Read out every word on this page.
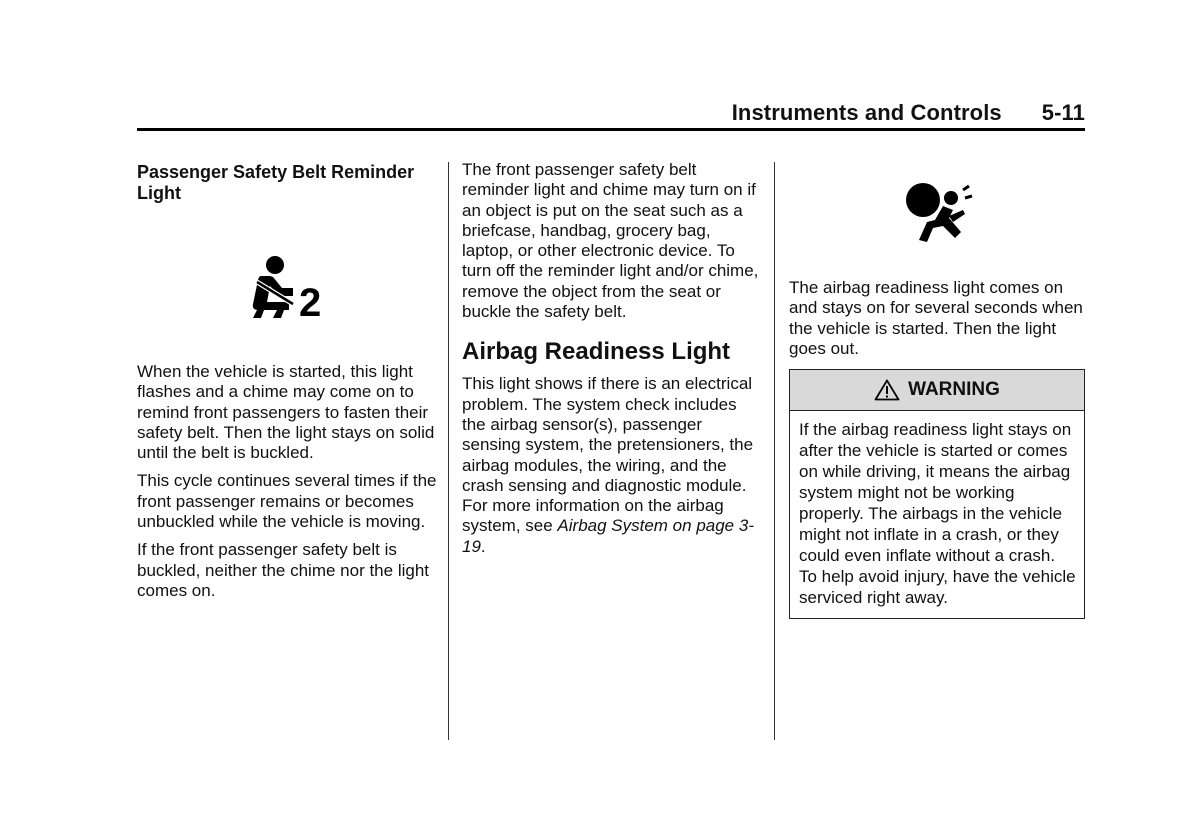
Instruments and Controls 5-11
Passenger Safety Belt Reminder Light
2

When the vehicle is started, this light flashes and a chime may come on to remind front passengers to fasten their safety belt. Then the light stays on solid until the belt is buckled.

This cycle continues several times if the front passenger remains or becomes unbuckled while the vehicle is moving.

If the front passenger safety belt is buckled, neither the chime nor the light comes on.

The front passenger safety belt reminder light and chime may turn on if an object is put on the seat such as a briefcase, handbag, grocery bag, laptop, or other electronic device. To turn off the reminder light and/or chime, remove the object from the seat or buckle the safety belt.

Airbag Readiness Light

This light shows if there is an electrical problem. The system check includes the airbag sensor(s), passenger sensing system, the pretensioners, the airbag modules, the wiring, and the crash sensing and diagnostic module. For more information on the airbag system, see Airbag System on page 3-19.

The airbag readiness light comes on and stays on for several seconds when the vehicle is started. Then the light goes out.

WARNING
If the airbag readiness light stays on after the vehicle is started or comes on while driving, it means the airbag system might not be working properly. The airbags in the vehicle might not inflate in a crash, or they could even inflate without a crash. To help avoid injury, have the vehicle serviced right away.
